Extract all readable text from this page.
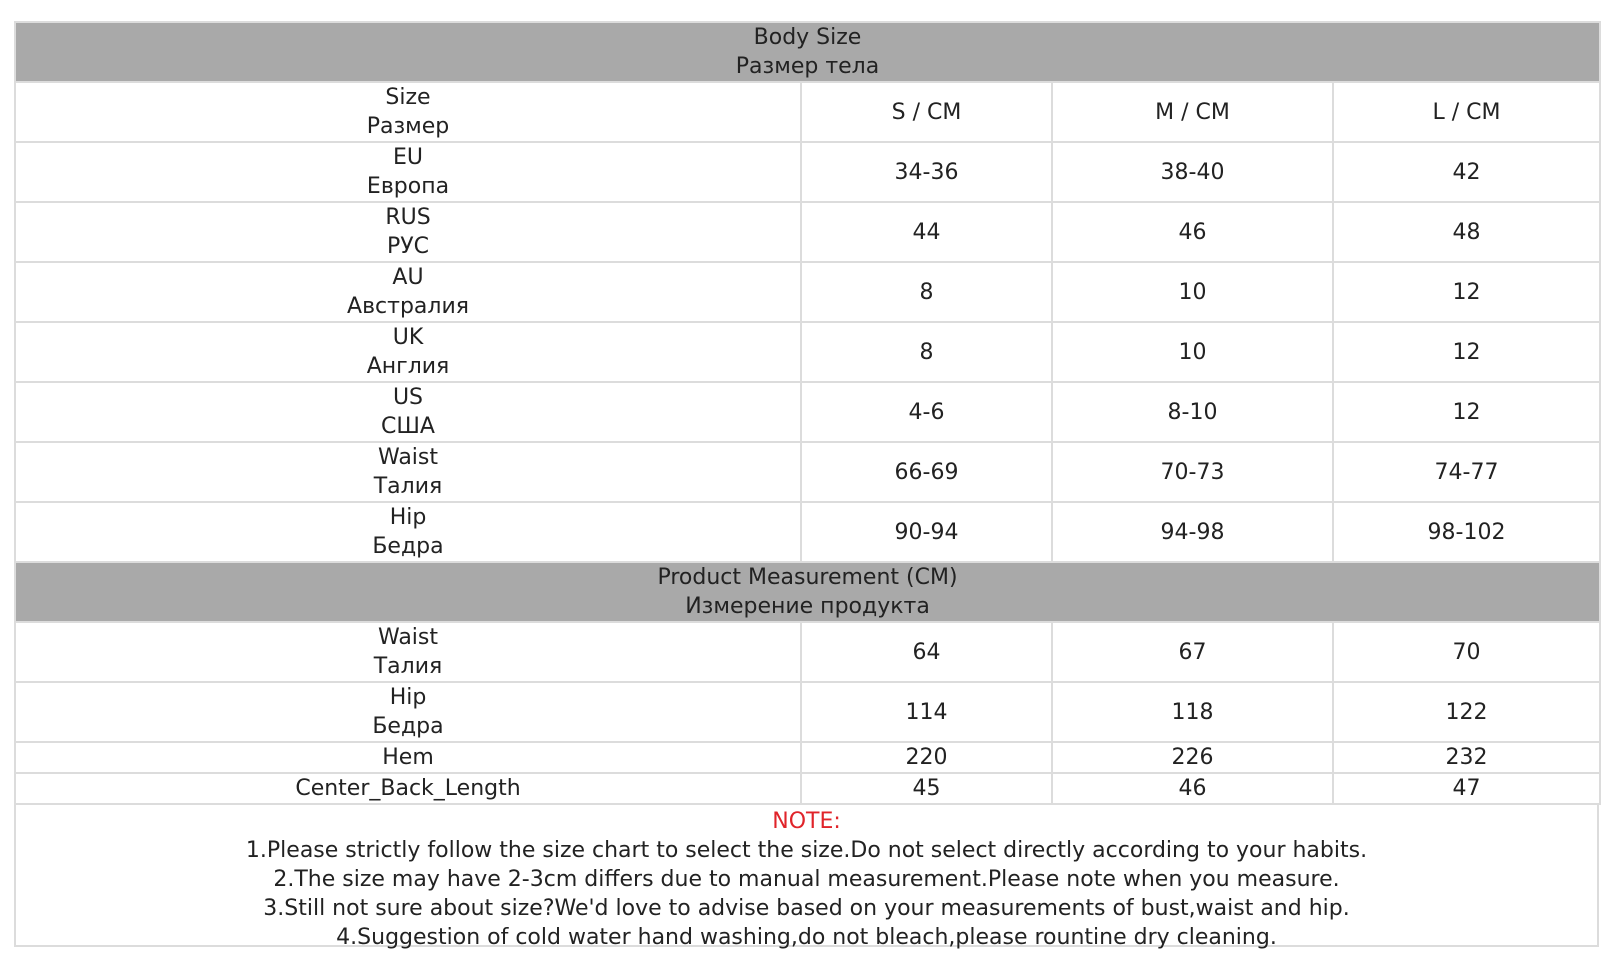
Body Size
Размер тела			

Size
Размер	S / CM	M / CM	L / CM

EU
Европа	34-36	38-40	42

RUS
РУС	44	46	48

AU
Австралия	8	10	12

UK
Англия	8	10	12

US
США	4-6	8-10	12

Waist
Талия	66-69	70-73	74-77

Hip
Бедра	90-94	94-98	98-102

Product Measurement (CM)
Измерение продукта			

Waist
Талия	64	67	70

Hip
Бедра	114	118	122

Hem	220	226	232

Center_Back_Length	45	46	47
NOTE:
1.Please strictly follow the size chart to select the size.Do not select directly according to your habits.
2.The size may have 2-3cm differs due to manual measurement.Please note when you measure.
3.Still not sure about size?We'd love to advise based on your measurements of bust,waist and hip.
4.Suggestion of cold water hand washing,do not bleach,please rountine dry cleaning.
